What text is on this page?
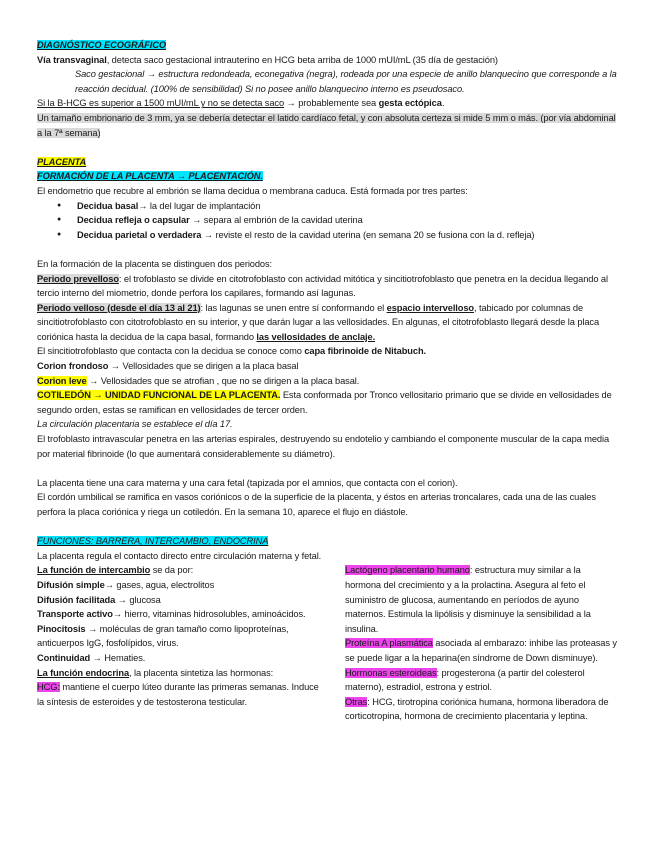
DIAGNÓSTICO ECOGRÁFICO

Vía transvaginal, detecta saco gestacional intrauterino en HCG beta arriba de 1000 mUI/mL (35 día de gestación)

Saco gestacional → estructura redondeada, econegativa (negra), rodeada por una especie de anillo blanquecino que corresponde a la reacción decidual. (100% de sensibilidad) Si no posee anillo blanquecino interno es pseudosaco.

Si la B-HCG es superior a 1500 mUI/mL y no se detecta saco → probablemente sea gesta ectópica.

Un tamaño embrionario de 3 mm, ya se debería detectar el latido cardíaco fetal, y con absoluta certeza si mide 5 mm o más. (por vía abdominal a la 7ª semana)

PLACENTA

FORMACIÓN DE LA PLACENTA → PLACENTACIÓN.

El endometrio que recubre al embrión se llama decidua o membrana caduca. Está formada por tres partes:

● Decidua basal→ la del lugar de implantación
● Decidua refleja o capsular → separa al embrión de la cavidad uterina
● Decidua parietal o verdadera → reviste el resto de la cavidad uterina (en semana 20 se fusiona con la d. refleja)

En la formación de la placenta se distinguen dos periodos:

Periodo prevelloso: el trofoblasto se divide en citotrofoblasto con actividad mitótica y sincitiotrofoblasto que penetra en la decidua llegando al tercio interno del miometrio, donde perfora los capilares, formando así lagunas.

Periodo velloso (desde el día 13 al 21): las lagunas se unen entre sí conformando el espacio intervelloso, tabicado por columnas de sincitiotrofoblasto con citotrofoblasto en su interior, y que darán lugar a las vellosidades. En algunas, el citotrofoblasto llegará desde la placa coriónica hasta la decidua de la capa basal, formando las vellosidades de anclaje.

El sincitiotrofoblasto que contacta con la decidua se conoce como capa fibrinoide de Nitabuch.

Corion frondoso → Vellosidades que se dirigen a la placa basal

Corion leve → Vellosidades que se atrofian , que no se dirigen a la placa basal.

COTILEDÓN → UNIDAD FUNCIONAL DE LA PLACENTA. Esta conformada por Tronco vellositario primario que se divide en vellosidades de segundo orden, estas se ramifican en vellosidades de tercer orden.

La circulación placentaria se establece el día 17.

El trofoblasto intravascular penetra en las arterias espirales, destruyendo su endotelio y cambiando el componente muscular de la capa media por material fibrinoide (lo que aumentará considerablemente su diámetro).

La placenta tiene una cara materna y una cara fetal (tapizada por el amnios, que contacta con el corion).

El cordón umbilical se ramifica en vasos coriónicos o de la superficie de la placenta, y éstos en arterias troncalares, cada una de las cuales perfora la placa coriónica y riega un cotiledón. En la semana 10, aparece el flujo en diástole.

FUNCIONES: BARRERA, INTERCAMBIO, ENDOCRINA

La placenta regula el contacto directo entre circulación materna y fetal.

La función de intercambio se da por:

Difusión simple→ gases, agua, electrolitos

Difusión facilitada → glucosa

Transporte activo→ hierro, vitaminas hidrosolubles, aminoácidos.

Pinocitosis → moléculas de gran tamaño como lipoproteínas, anticuerpos IgG, fosfolípidos, virus.

Continuidad → Hematies.

La función endocrina, la placenta sintetiza las hormonas:

HCG: mantiene el cuerpo lúteo durante las primeras semanas. Induce la síntesis de esteroides y de testosterona testicular.

Lactógeno placentario humano: estructura muy similar a la hormona del crecimiento y a la prolactina. Asegura al feto el suministro de glucosa, aumentando en períodos de ayuno maternos. Estimula la lipólisis y disminuye la sensibilidad a la insulina.

Proteína A plasmática asociada al embarazo: inhibe las proteasas y se puede ligar a la heparina(en síndrome de Down disminuye).

Hormonas esteroideas: progesterona (a partir del colesterol materno), estradiol, estrona y estriol.

Otras: HCG, tirotropina coriónica humana, hormona liberadora de corticotropina, hormona de crecimiento placentaria y leptina.
